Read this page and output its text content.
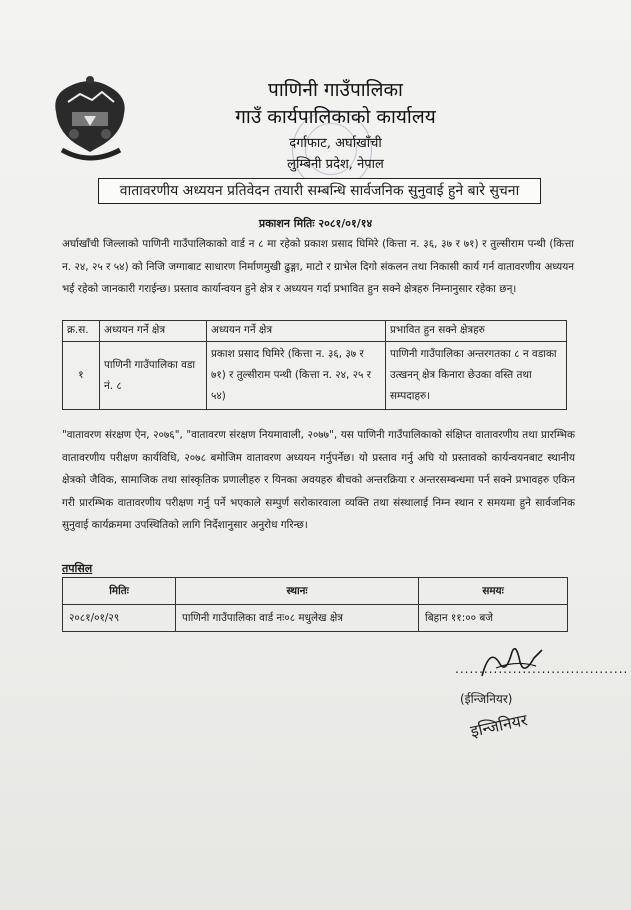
पाणिनी गाउँपालिका
गाउँ कार्यपालिकाको कार्यालय
दर्गाफाट, अर्घाखाँची
लुम्बिनी प्रदेश, नेपाल
वातावरणीय अध्ययन प्रतिवेदन तयारी सम्बन्धि सार्वजनिक सुनुवाई हुने बारे सुचना
प्रकाशन मितिः २०८१/०१/१४
अर्घाखाँची जिल्लाको पाणिनी गाउँपालिकाको वार्ड न ८ मा रहेको प्रकाश प्रसाद घिमिरे (कित्ता न. ३६, ३७ र ७१) र तुल्सीराम पन्थी (कित्ता न. २४, २५ र ५४) को निजि जग्गाबाट साधारण निर्माणमुखी ढुङ्गा, माटो र ग्राभेल दिगो संकलन तथा निकासी कार्य गर्न वातावरणीय अध्ययन भई रहेको जानकारी गराईन्छ। प्रस्ताव कार्यान्वयन हुने क्षेत्र र अध्ययन गर्दा प्रभावित हुन सक्ने क्षेत्रहरु निम्नानुसार रहेका छन्।
क्र.स.	अध्ययन गर्ने क्षेत्र	अध्ययन गर्ने क्षेत्र	प्रभावित हुन सक्ने क्षेत्रहरु
१	पाणिनी गाउँपालिका वडा नं. ८	प्रकाश प्रसाद घिमिरे (कित्ता न. ३६, ३७ र ७१) र तुल्सीराम पन्थी (कित्ता न. २४, २५ र ५४)	पाणिनी गाउँपालिका अन्तरगतका ८ न वडाका उत्खनन् क्षेत्र किनारा छेउका वस्ति तथा सम्पदाहरु।
"वातावरण संरक्षण ऐन, २०७६", "वातावरण संरक्षण नियमावाली, २०७७", यस पाणिनी गाउँपालिकाको संक्षिप्त वातावरणीय तथा प्रारम्भिक वातावरणीय परीक्षण कार्यविधि, २०७८ बमोजिम वातावरण अध्ययन गर्नुपर्नेछ। यो प्रस्ताव गर्नु अघि यो प्रस्तावको कार्यन्वयनबाट स्थानीय क्षेत्रको जैविक, सामाजिक तथा सांस्कृतिक प्रणालीहरु र यिनका अवयहरु बीचको अन्तरक्रिया र अन्तरसम्बन्धमा पर्न सक्ने प्रभावहरु एकिन गरी प्रारम्भिक वातावरणीय परीक्षण गर्नु पर्ने भएकाले सम्पुर्ण सरोकारवाला व्यक्ति तथा संस्थालाई निम्न स्थान र समयमा हुने सार्वजनिक सुनुवाई कार्यक्रममा उपस्थितिको लागि निर्देशानुसार अनुरोध गरिन्छ।
तपसिल
मितिः	स्थानः	समयः
२०८१/०१/२९	पाणिनी गाउँपालिका वार्ड नः०८ मधुलेख क्षेत्र	बिहान ११:०० बजे
....................................
(ईन्जिनियर)
इन्जिनियर
